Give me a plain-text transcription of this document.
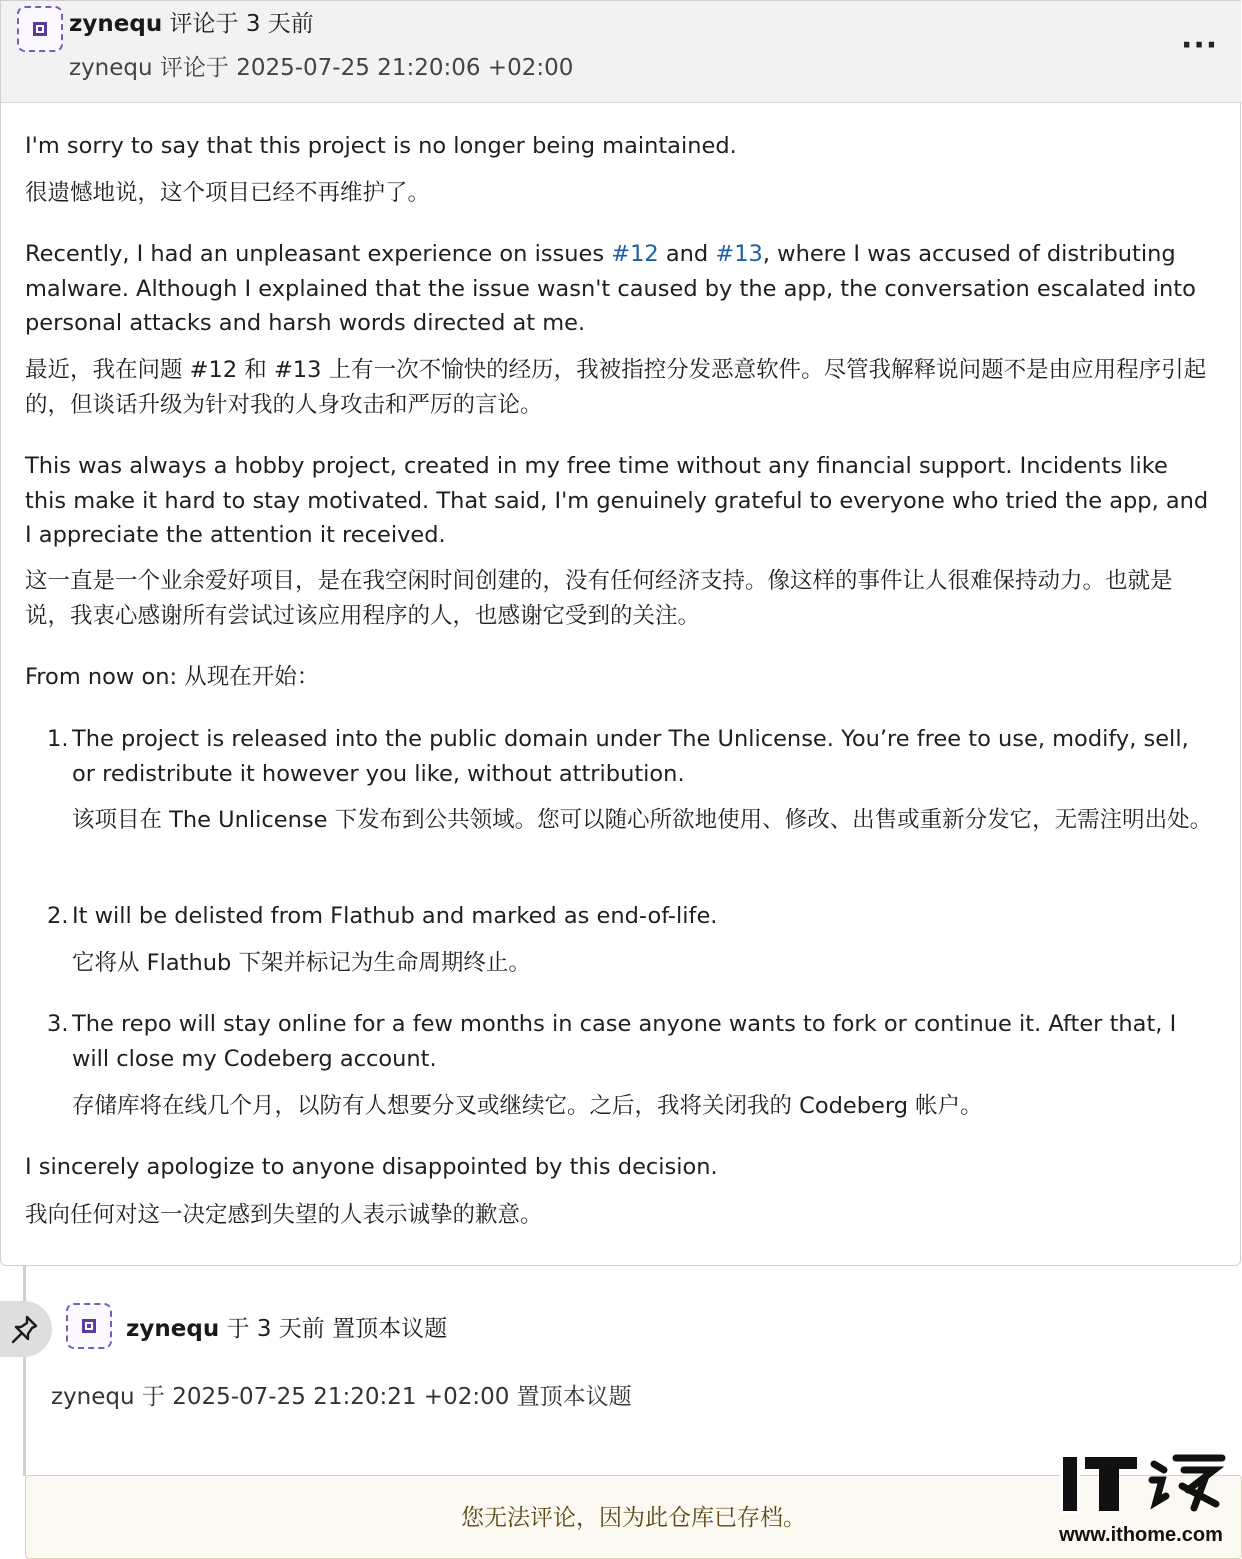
zynequ 评论于 3 天前
zynequ 评论于 2025-07-25 21:20:06 +02:00
···
I'm sorry to say that this project is no longer being maintained.
很遗憾地说，这个项目已经不再维护了。
Recently, I had an unpleasant experience on issues #12 and #13, where I was accused of distributing malware. Although I explained that the issue wasn't caused by the app, the conversation escalated into personal attacks and harsh words directed at me.
最近，我在问题 #12 和 #13 上有一次不愉快的经历，我被指控分发恶意软件。尽管我解释说问题不是由应用程序引起的，但谈话升级为针对我的人身攻击和严厉的言论。
This was always a hobby project, created in my free time without any financial support. Incidents like this make it hard to stay motivated. That said, I'm genuinely grateful to everyone who tried the app, and I appreciate the attention it received.
这一直是一个业余爱好项目，是在我空闲时间创建的，没有任何经济支持。像这样的事件让人很难保持动力。也就是说，我衷心感谢所有尝试过该应用程序的人，也感谢它受到的关注。
From now on: 从现在开始：
1. The project is released into the public domain under The Unlicense. You’re free to use, modify, sell, or redistribute it however you like, without attribution.
该项目在 The Unlicense 下发布到公共领域。您可以随心所欲地使用、修改、出售或重新分发它，无需注明出处。
2. It will be delisted from Flathub and marked as end-of-life.
它将从 Flathub 下架并标记为生命周期终止。
3. The repo will stay online for a few months in case anyone wants to fork or continue it. After that, I will close my Codeberg account.
存储库将在线几个月，以防有人想要分叉或继续它。之后，我将关闭我的 Codeberg 帐户。
I sincerely apologize to anyone disappointed by this decision.
我向任何对这一决定感到失望的人表示诚挚的歉意。
zynequ 于 3 天前 置顶本议题
zynequ 于 2025-07-25 21:20:21 +02:00 置顶本议题
您无法评论，因为此仓库已存档。
www.ithome.com
